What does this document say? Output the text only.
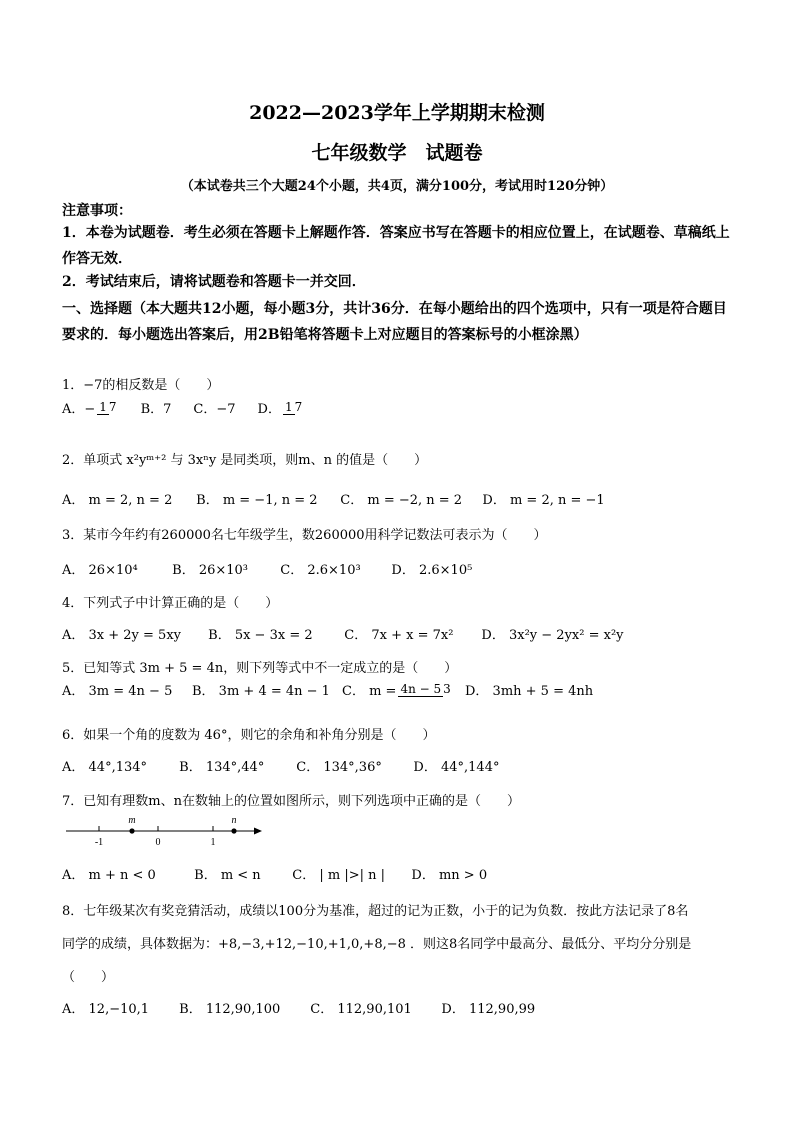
2022—2023学年上学期期末检测
七年级数学　试题卷
（本试卷共三个大题24个小题，共4页，满分100分，考试用时120分钟）
注意事项：
1．本卷为试题卷．考生必须在答题卡上解题作答．答案应书写在答题卡的相应位置上，在试题卷、草稿纸上作答无效．
2．考试结束后，请将试题卷和答题卡一并交回．
一、选择题（本大题共12小题，每小题3分，共计36分．在每小题给出的四个选项中，只有一项是符合题目要求的．每小题选出答案后，用2B铅笔将答题卡上对应题目的答案标号的小框涂黑）
1．−7的相反数是（　　）
A．− 1 7 B．7 C．−7 D． 1 7
2．单项式 x²yᵐ⁺² 与 3xⁿy 是同类项，则m、n 的值是（　　）
A． m = 2, n = 2 B． m = −1, n = 2 C． m = −2, n = 2 D． m = 2, n = −1
3．某市今年约有260000名七年级学生，数260000用科学记数法可表示为（　　）
A． 26×10⁴	B． 26×10³ C． 2.6×10³ D． 2.6×10⁵
4．下列式子中计算正确的是（　　）
A． 3x + 2y = 5xy B． 5x − 3x = 2 C． 7x + x = 7x² D． 3x²y − 2yx² = x²y
5．已知等式 3m + 5 = 4n，则下列等式中不一定成立的是（　　）
A． 3m = 4n − 5	B． 3m + 4 = 4n − 1 C． m = 4n − 5 3 D． 3mh + 5 = 4nh
6．如果一个角的度数为 46°，则它的余角和补角分别是（　　）
A． 44°,134° B． 134°,44° C． 134°,36° D． 44°,144°
7．已知有理数m、n在数轴上的位置如图所示，则下列选项中正确的是（　　）
m	n
-1	0	1
A． m + n < 0	B． m < n C． | m |>| n | D． mn > 0
8．七年级某次有奖竞猜活动，成绩以100分为基准，超过的记为正数，小于的记为负数．按此方法记录了8名
同学的成绩，具体数据为：+8,−3,+12,−10,+1,0,+8,−8 ．则这8名同学中最高分、最低分、平均分分别是
（　　）
A． 12,−10,1 B． 112,90,100 C． 112,90,101 D． 112,90,99
